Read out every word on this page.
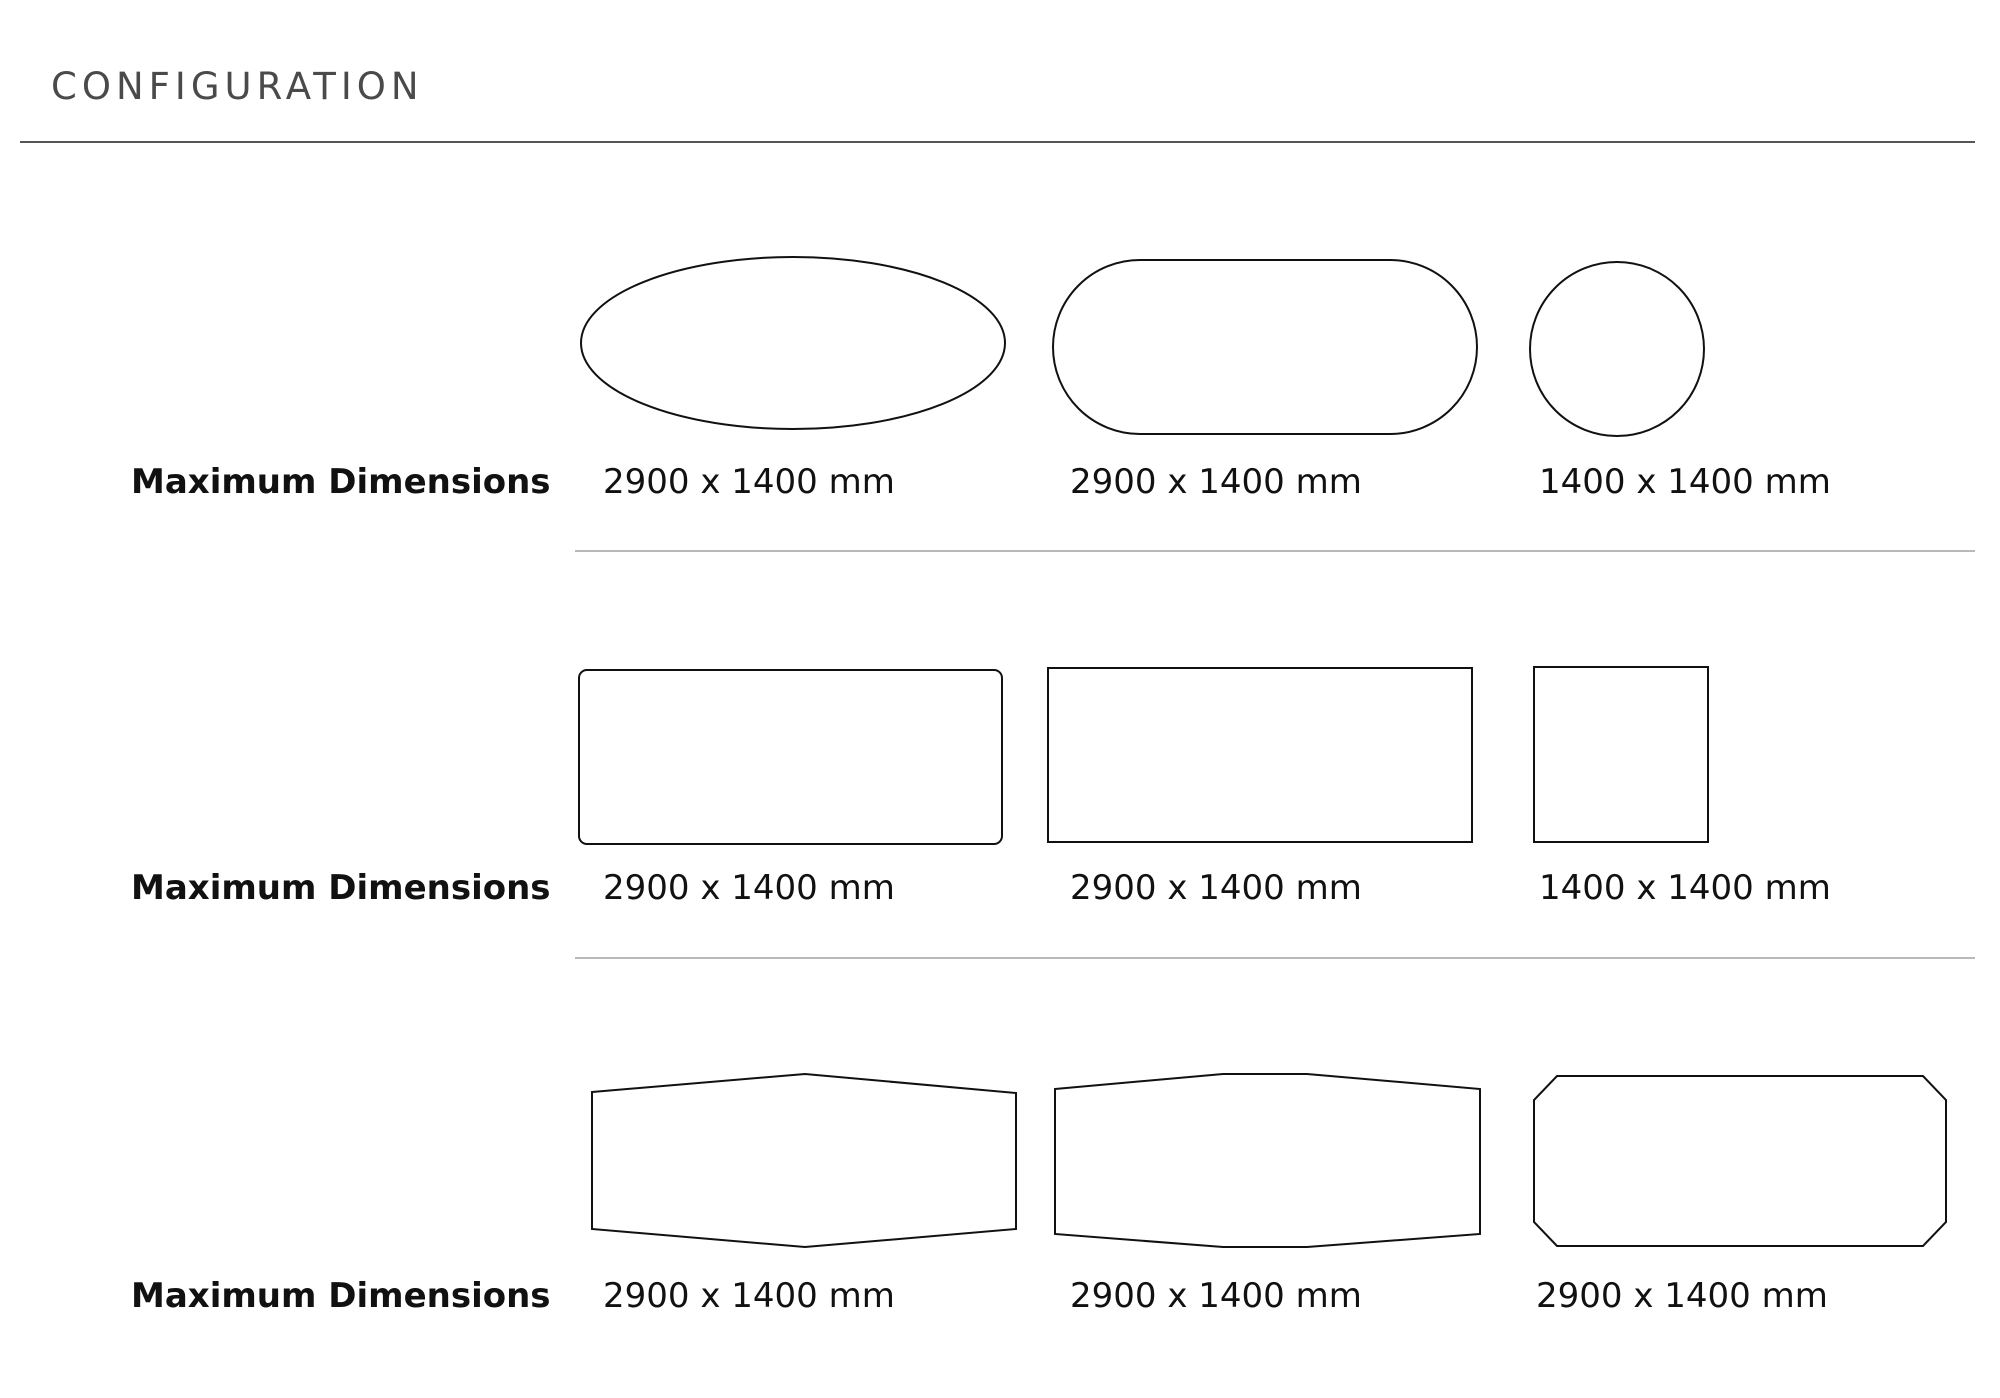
CONFIGURATION
Maximum Dimensions 2900 x 1400 mm	2900 x 1400 mm	1400 x 1400 mm
Maximum Dimensions 2900 x 1400 mm	2900 x 1400 mm	1400 x 1400 mm
Maximum Dimensions 2900 x 1400 mm	2900 x 1400 mm	2900 x 1400 mm
